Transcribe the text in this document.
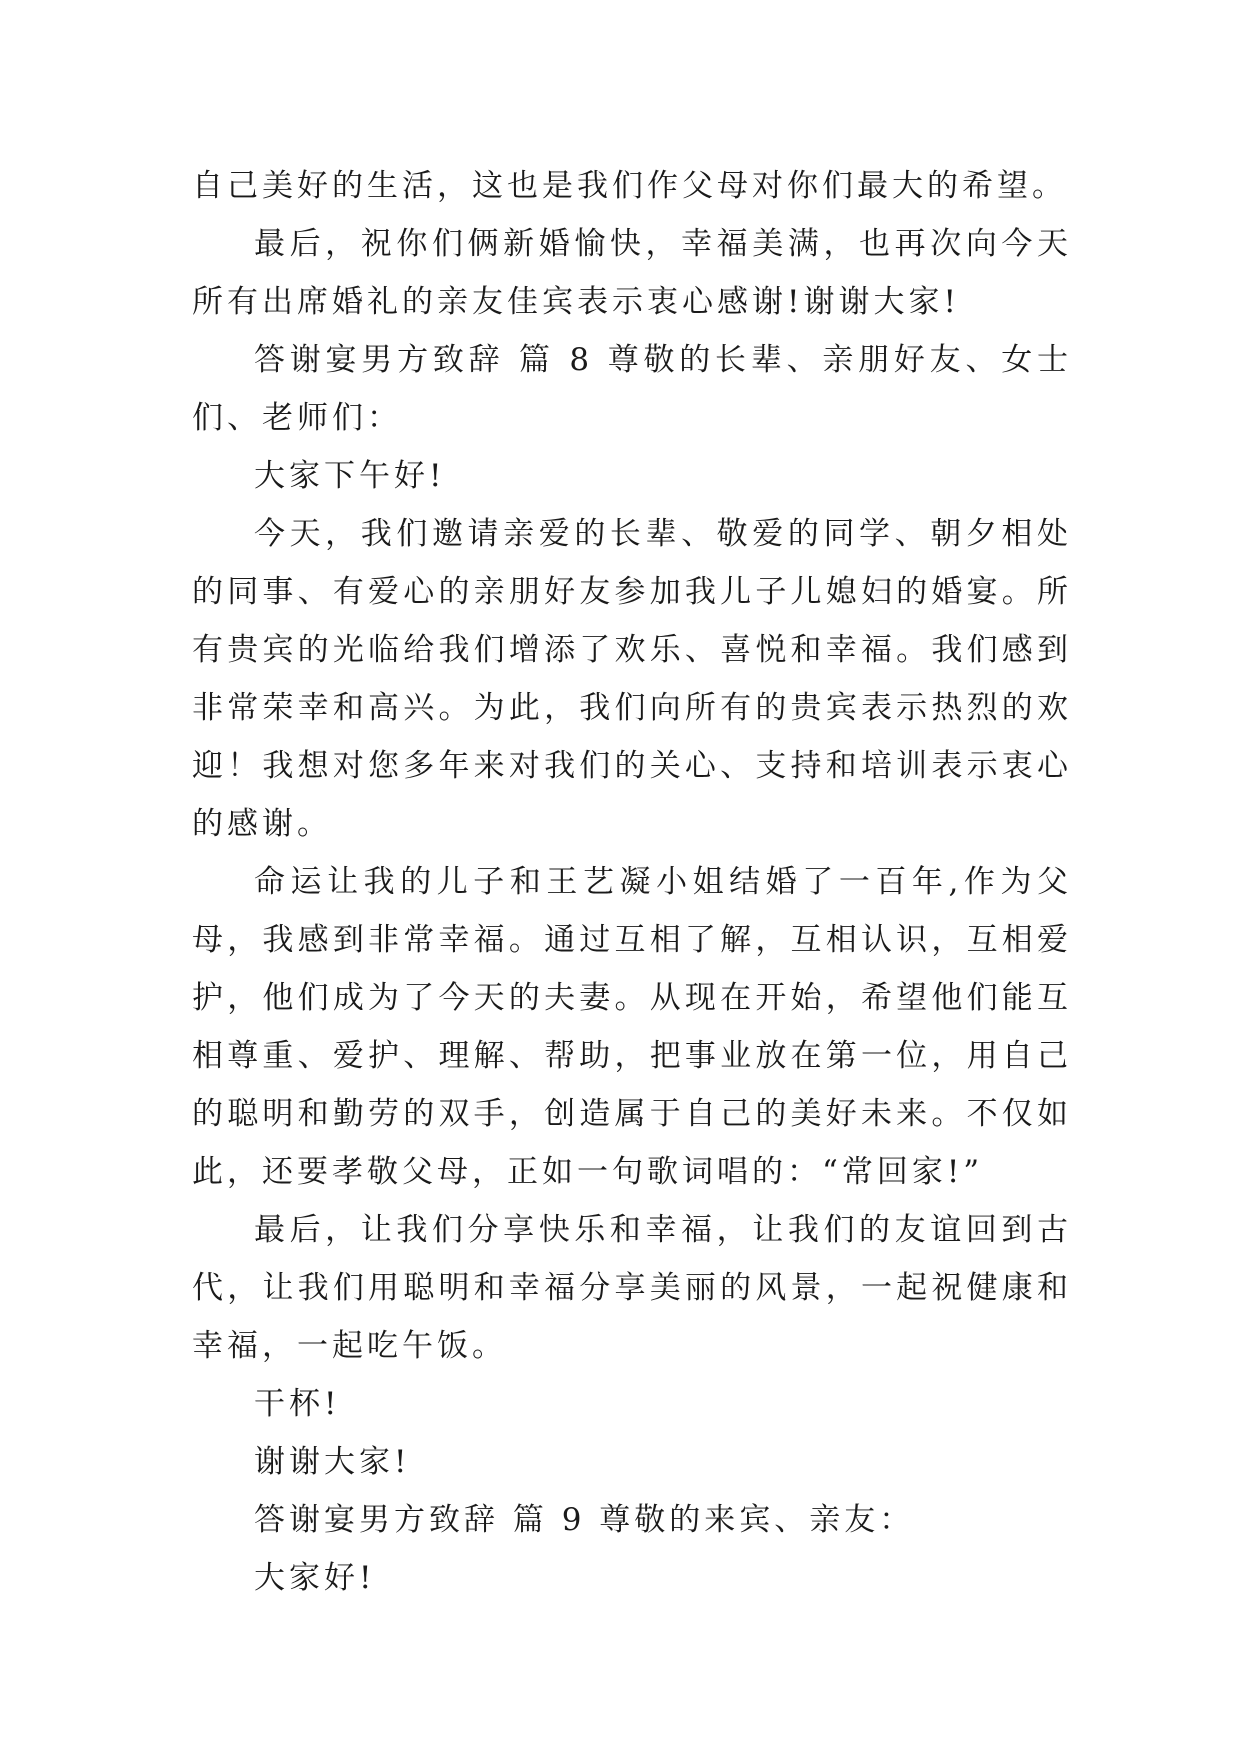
自己美好的生活，这也是我们作父母对你们最大的希望。

最后，祝你们俩新婚愉快，幸福美满，也再次向今天所有出席婚礼的亲友佳宾表示衷心感谢!谢谢大家!

答谢宴男方致辞 篇 8 尊敬的长辈、亲朋好友、女士们、老师们：

大家下午好!

今天，我们邀请亲爱的长辈、敬爱的同学、朝夕相处的同事、有爱心的亲朋好友参加我儿子儿媳妇的婚宴。所有贵宾的光临给我们增添了欢乐、喜悦和幸福。我们感到非常荣幸和高兴。为此，我们向所有的贵宾表示热烈的欢迎！我想对您多年来对我们的关心、支持和培训表示衷心的感谢。

命运让我的儿子和王艺凝小姐结婚了一百年,作为父母，我感到非常幸福。通过互相了解，互相认识，互相爱护，他们成为了今天的夫妻。从现在开始，希望他们能互相尊重、爱护、理解、帮助，把事业放在第一位，用自己的聪明和勤劳的双手，创造属于自己的美好未来。不仅如此，还要孝敬父母，正如一句歌词唱的：“常回家!”

最后，让我们分享快乐和幸福，让我们的友谊回到古代，让我们用聪明和幸福分享美丽的风景，一起祝健康和幸福，一起吃午饭。

干杯!

谢谢大家!

答谢宴男方致辞 篇 9 尊敬的来宾、亲友：

大家好!
